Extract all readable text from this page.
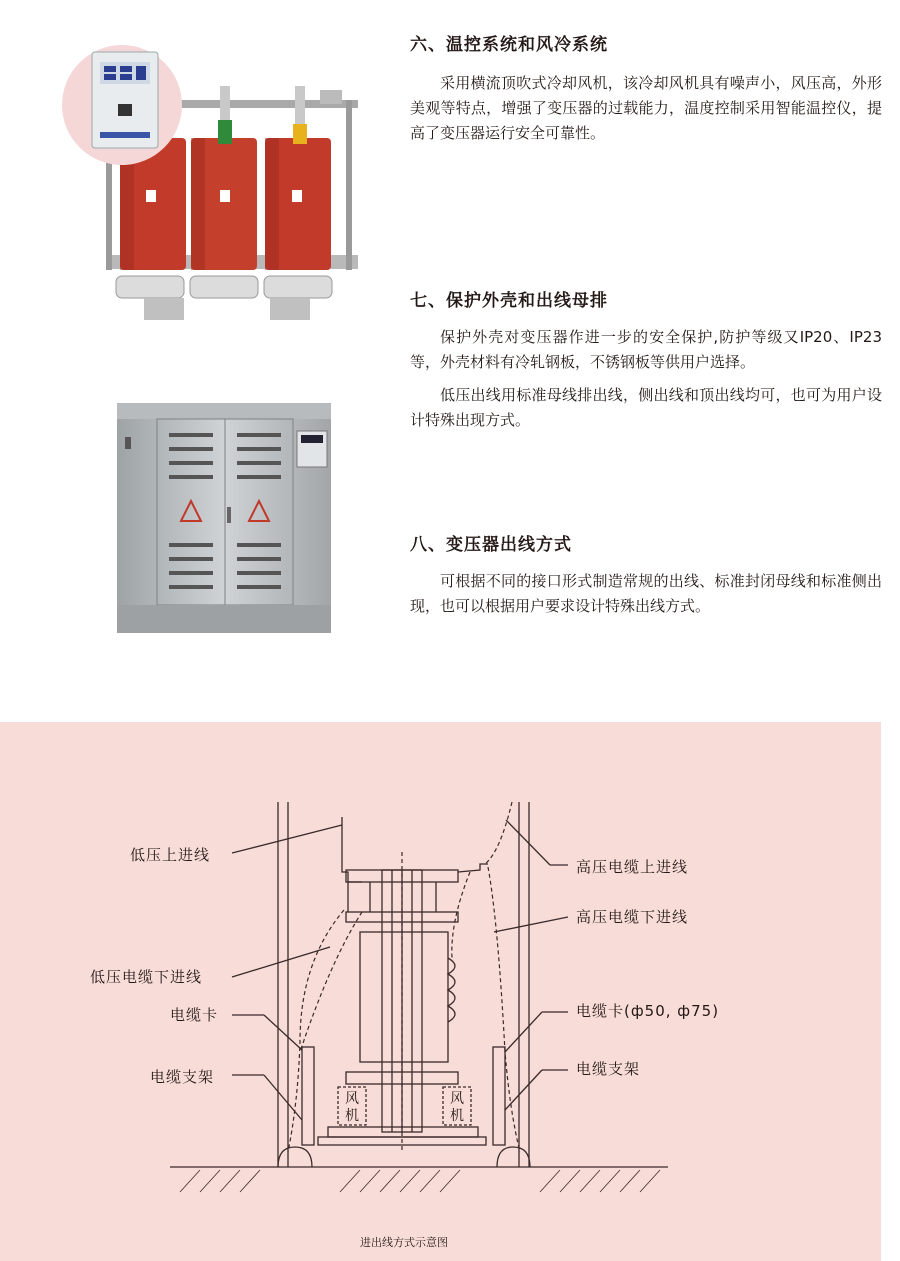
六、温控系统和风冷系统

采用横流顶吹式冷却风机，该冷却风机具有噪声小，风压高，外形美观等特点，增强了变压器的过载能力，温度控制采用智能温控仪，提高了变压器运行安全可靠性。

七、保护外壳和出线母排

保护外壳对变压器作进一步的安全保护,防护等级又IP20、IP23等，外壳材料有冷轧钢板，不锈钢板等供用户选择。

低压出线用标准母线排出线，侧出线和顶出线均可，也可为用户设计特殊出现方式。

八、变压器出线方式

可根据不同的接口形式制造常规的出线、标准封闭母线和标准侧出现，也可以根据用户要求设计特殊出线方式。

低压上进线
低压电缆下进线
电缆卡
电缆支架
高压电缆上进线
高压电缆下进线
电缆卡(ф50, ф75)
电缆支架
风
机
风
机
进出线方式示意图
